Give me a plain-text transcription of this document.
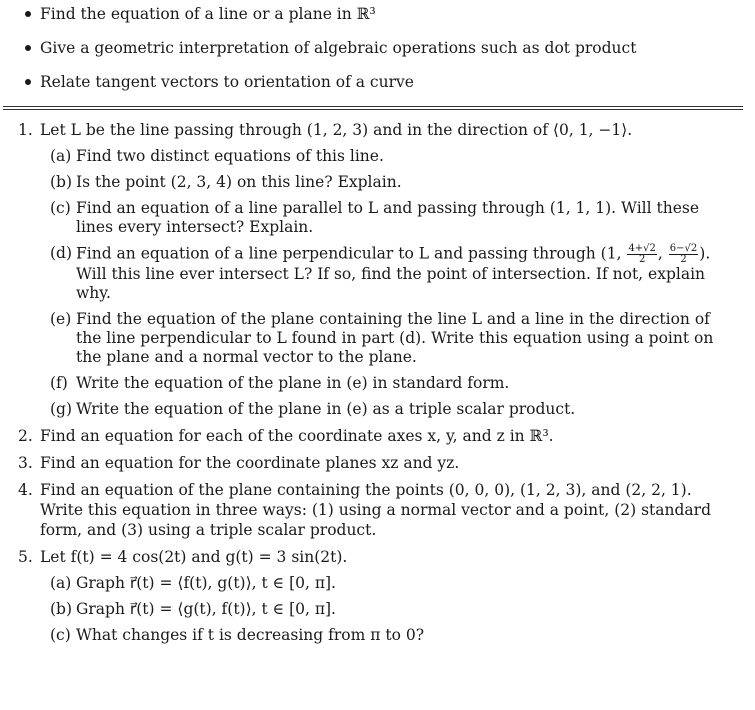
Find the equation of a line or a plane in ℝ³
Give a geometric interpretation of algebraic operations such as dot product
Relate tangent vectors to orientation of a curve
1. Let L be the line passing through (1, 2, 3) and in the direction of ⟨0, 1, −1⟩.
(a) Find two distinct equations of this line.
(b) Is the point (2, 3, 4) on this line? Explain.
(c) Find an equation of a line parallel to L and passing through (1, 1, 1). Will these lines every intersect? Explain.
(d) Find an equation of a line perpendicular to L and passing through (1, $\frac{4+√2}{2}$ , $\frac{6-√2}{2}$ ). Will this line ever intersect L? If so, find the point of intersection. If not, explain why.
(e) Find the equation of the plane containing the line L and a line in the direction of the line perpendicular to L found in part (d). Write this equation using a point on the plane and a normal vector to the plane.
(f) Write the equation of the plane in (e) in standard form.
(g) Write the equation of the plane in (e) as a triple scalar product.
2. Find an equation for each of the coordinate axes x, y, and z in ℝ³.
3. Find an equation for the coordinate planes xz and yz.
4. Find an equation of the plane containing the points (0, 0, 0), (1, 2, 3), and (2, 2, 1). Write this equation in three ways: (1) using a normal vector and a point, (2) standard form, and (3) using a triple scalar product.
5. Let f(t) = 4 cos(2t) and g(t) = 3 sin(2t).
(a) Graph r⃗(t) = ⟨f(t), g(t)⟩, t ∈ [0, π].
(b) Graph r⃗(t) = ⟨g(t), f(t)⟩, t ∈ [0, π].
(c) What changes if t is decreasing from π to 0?
